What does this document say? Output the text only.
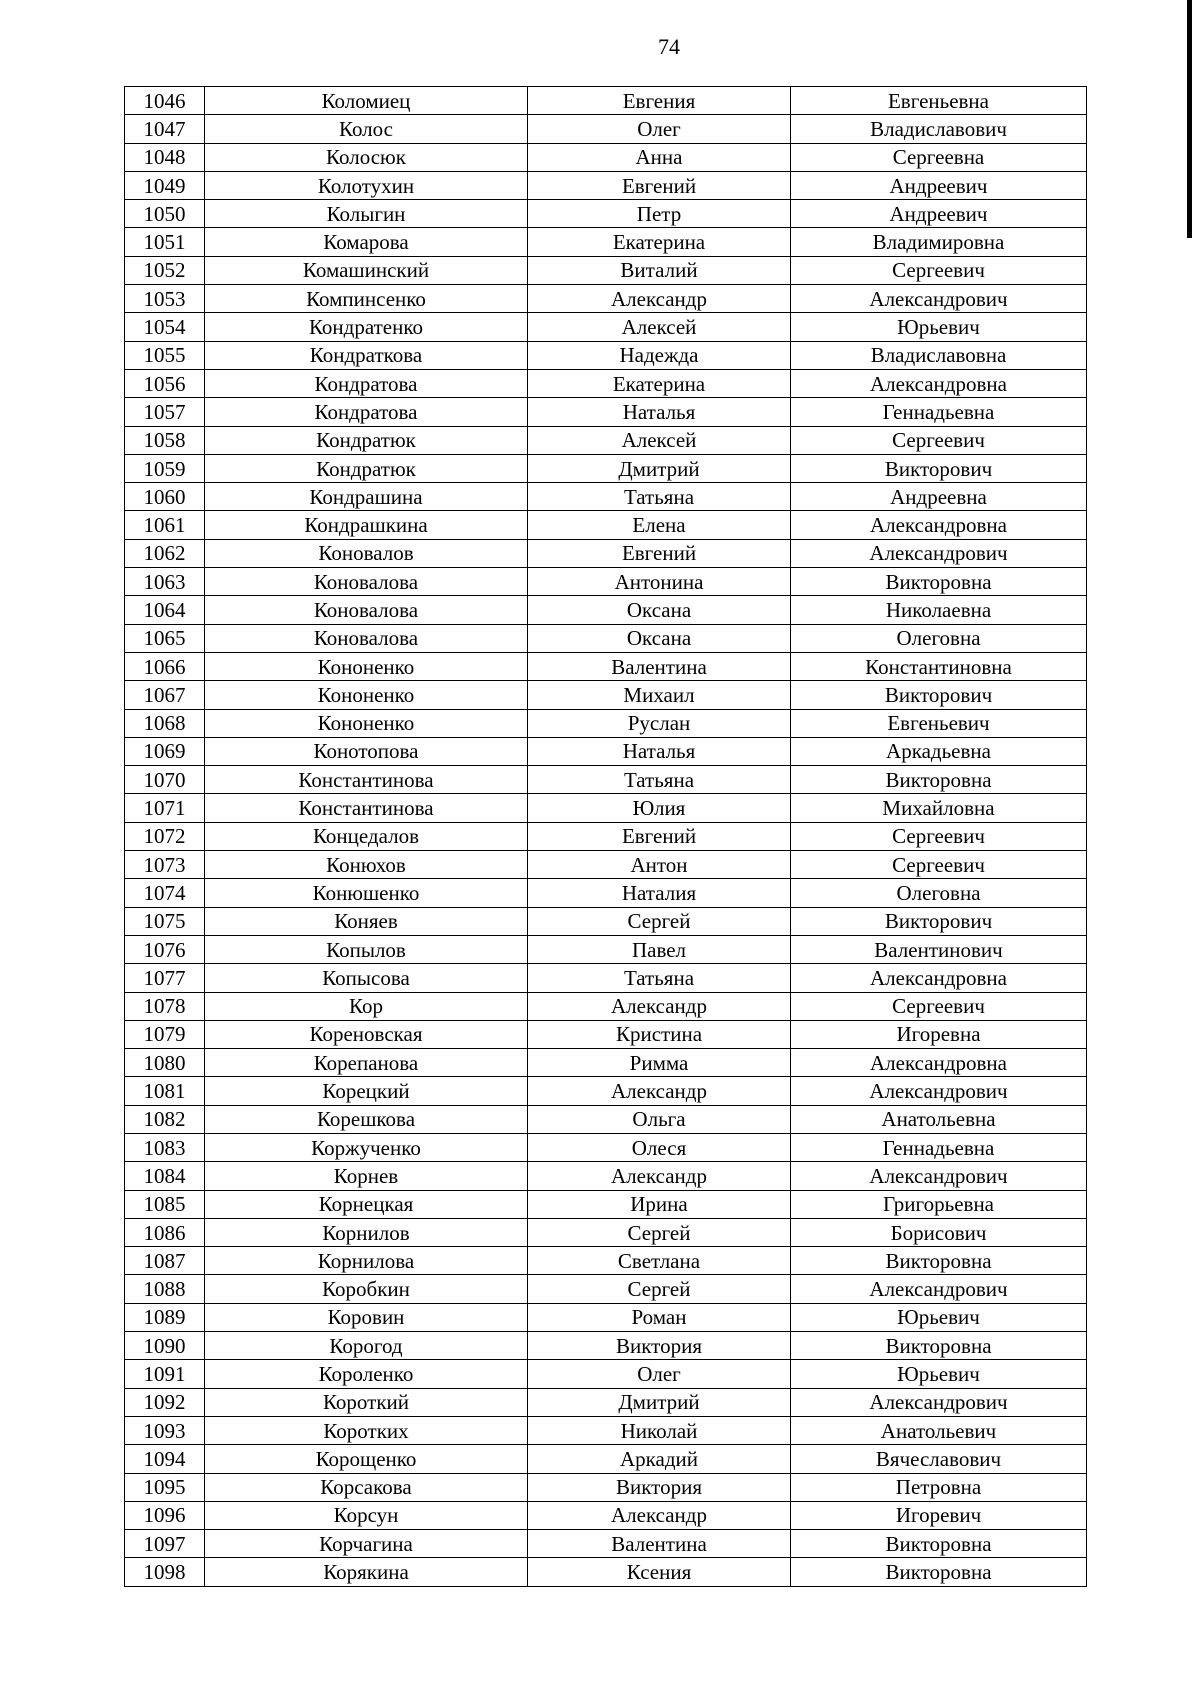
74
1046	Коломиец	Евгения	Евгеньевна
1047	Колос	Олег	Владиславович
1048	Колосюк	Анна	Сергеевна
1049	Колотухин	Евгений	Андреевич
1050	Колыгин	Петр	Андреевич
1051	Комарова	Екатерина	Владимировна
1052	Комашинский	Виталий	Сергеевич
1053	Компинсенко	Александр	Александрович
1054	Кондратенко	Алексей	Юрьевич
1055	Кондраткова	Надежда	Владиславовна
1056	Кондратова	Екатерина	Александровна
1057	Кондратова	Наталья	Геннадьевна
1058	Кондратюк	Алексей	Сергеевич
1059	Кондратюк	Дмитрий	Викторович
1060	Кондрашина	Татьяна	Андреевна
1061	Кондрашкина	Елена	Александровна
1062	Коновалов	Евгений	Александрович
1063	Коновалова	Антонина	Викторовна
1064	Коновалова	Оксана	Николаевна
1065	Коновалова	Оксана	Олеговна
1066	Кононенко	Валентина	Константиновна
1067	Кононенко	Михаил	Викторович
1068	Кононенко	Руслан	Евгеньевич
1069	Конотопова	Наталья	Аркадьевна
1070	Константинова	Татьяна	Викторовна
1071	Константинова	Юлия	Михайловна
1072	Концедалов	Евгений	Сергеевич
1073	Конюхов	Антон	Сергеевич
1074	Конюшенко	Наталия	Олеговна
1075	Коняев	Сергей	Викторович
1076	Копылов	Павел	Валентинович
1077	Копысова	Татьяна	Александровна
1078	Кор	Александр	Сергеевич
1079	Кореновская	Кристина	Игоревна
1080	Корепанова	Римма	Александровна
1081	Корецкий	Александр	Александрович
1082	Корешкова	Ольга	Анатольевна
1083	Коржученко	Олеся	Геннадьевна
1084	Корнев	Александр	Александрович
1085	Корнецкая	Ирина	Григорьевна
1086	Корнилов	Сергей	Борисович
1087	Корнилова	Светлана	Викторовна
1088	Коробкин	Сергей	Александрович
1089	Коровин	Роман	Юрьевич
1090	Корогод	Виктория	Викторовна
1091	Короленко	Олег	Юрьевич
1092	Короткий	Дмитрий	Александрович
1093	Коротких	Николай	Анатольевич
1094	Корощенко	Аркадий	Вячеславович
1095	Корсакова	Виктория	Петровна
1096	Корсун	Александр	Игоревич
1097	Корчагина	Валентина	Викторовна
1098	Корякина	Ксения	Викторовна
